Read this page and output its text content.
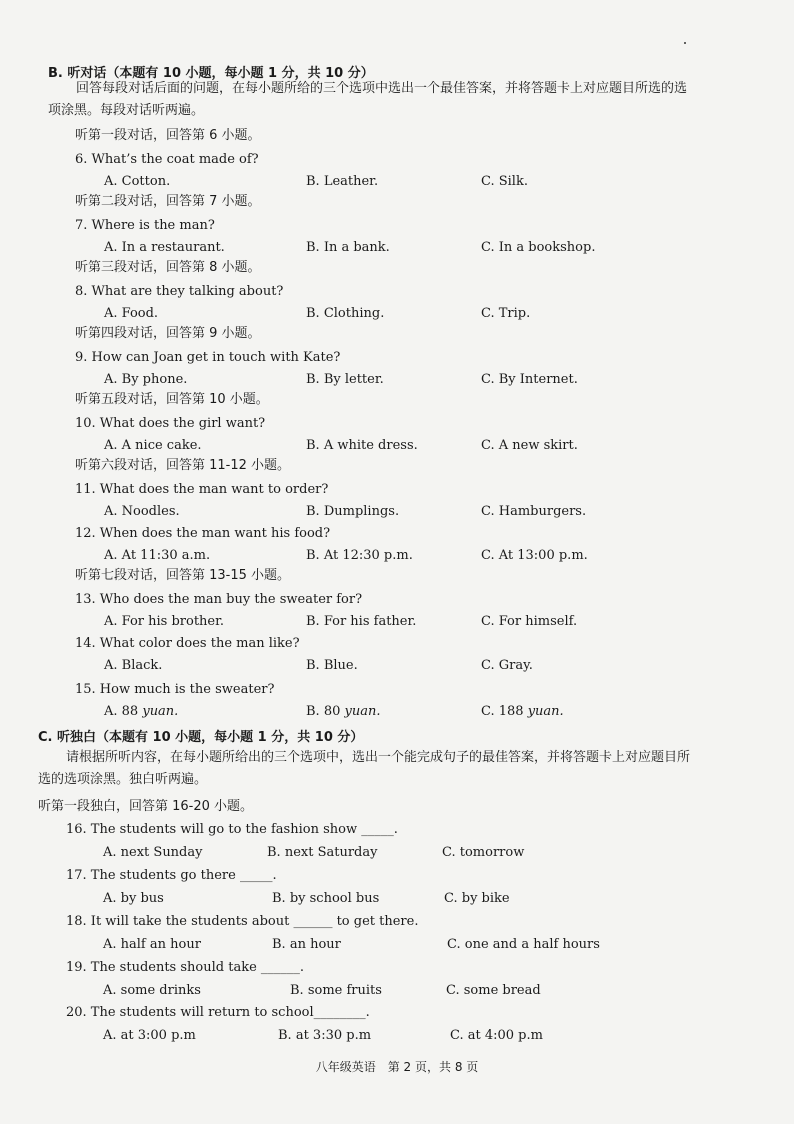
B. 听对话（本题有 10 小题，每小题 1 分，共 10 分）
回答每段对话后面的问题，在每小题所给的三个选项中选出一个最佳答案，并将答题卡上对应题目所选的选项涂黑。每段对话听两遍。
听第一段对话，回答第 6 小题。
6. What’s the coat made of?
A. Cotton.	B. Leather.	C. Silk.
听第二段对话，回答第 7 小题。
7. Where is the man?
A. In a restaurant.	B. In a bank.	C. In a bookshop.
听第三段对话，回答第 8 小题。
8. What are they talking about?
A. Food.	B. Clothing.	C. Trip.
听第四段对话，回答第 9 小题。
9. How can Joan get in touch with Kate?
A. By phone.	B. By letter.	C. By Internet.
听第五段对话，回答第 10 小题。
10. What does the girl want?
A. A nice cake.	B. A white dress.	C. A new skirt.
听第六段对话，回答第 11-12 小题。
11. What does the man want to order?
A. Noodles.	B. Dumplings.	C. Hamburgers.
12. When does the man want his food?
A. At 11:30 a.m.	B. At 12:30 p.m.	C. At 13:00 p.m.
听第七段对话，回答第 13-15 小题。
13. Who does the man buy the sweater for?
A. For his brother.	B. For his father.	C. For himself.
14. What color does the man like?
A. Black.	B. Blue.	C. Gray.
15. How much is the sweater?
A. 88 yuan.	B. 80 yuan.	C. 188 yuan.
C. 听独白（本题有 10 小题，每小题 1 分，共 10 分）
请根据所听内容，在每小题所给出的三个选项中，选出一个能完成句子的最佳答案，并将答题卡上对应题目所选的选项涂黑。独白听两遍。
听第一段独白，回答第 16-20 小题。
16. The students will go to the fashion show _____.
A. next Sunday	B. next Saturday	C. tomorrow
17. The students go there _____.
A. by bus	B. by school bus	C. by bike
18. It will take the students about ______ to get there.
A. half an hour	B. an hour	C. one and a half hours
19. The students should take ______.
A. some drinks	B. some fruits	C. some bread
20. The students will return to school________.
A. at 3:00 p.m	B. at 3:30 p.m	C. at 4:00 p.m
八年级英语　第 2 页，共 8 页
